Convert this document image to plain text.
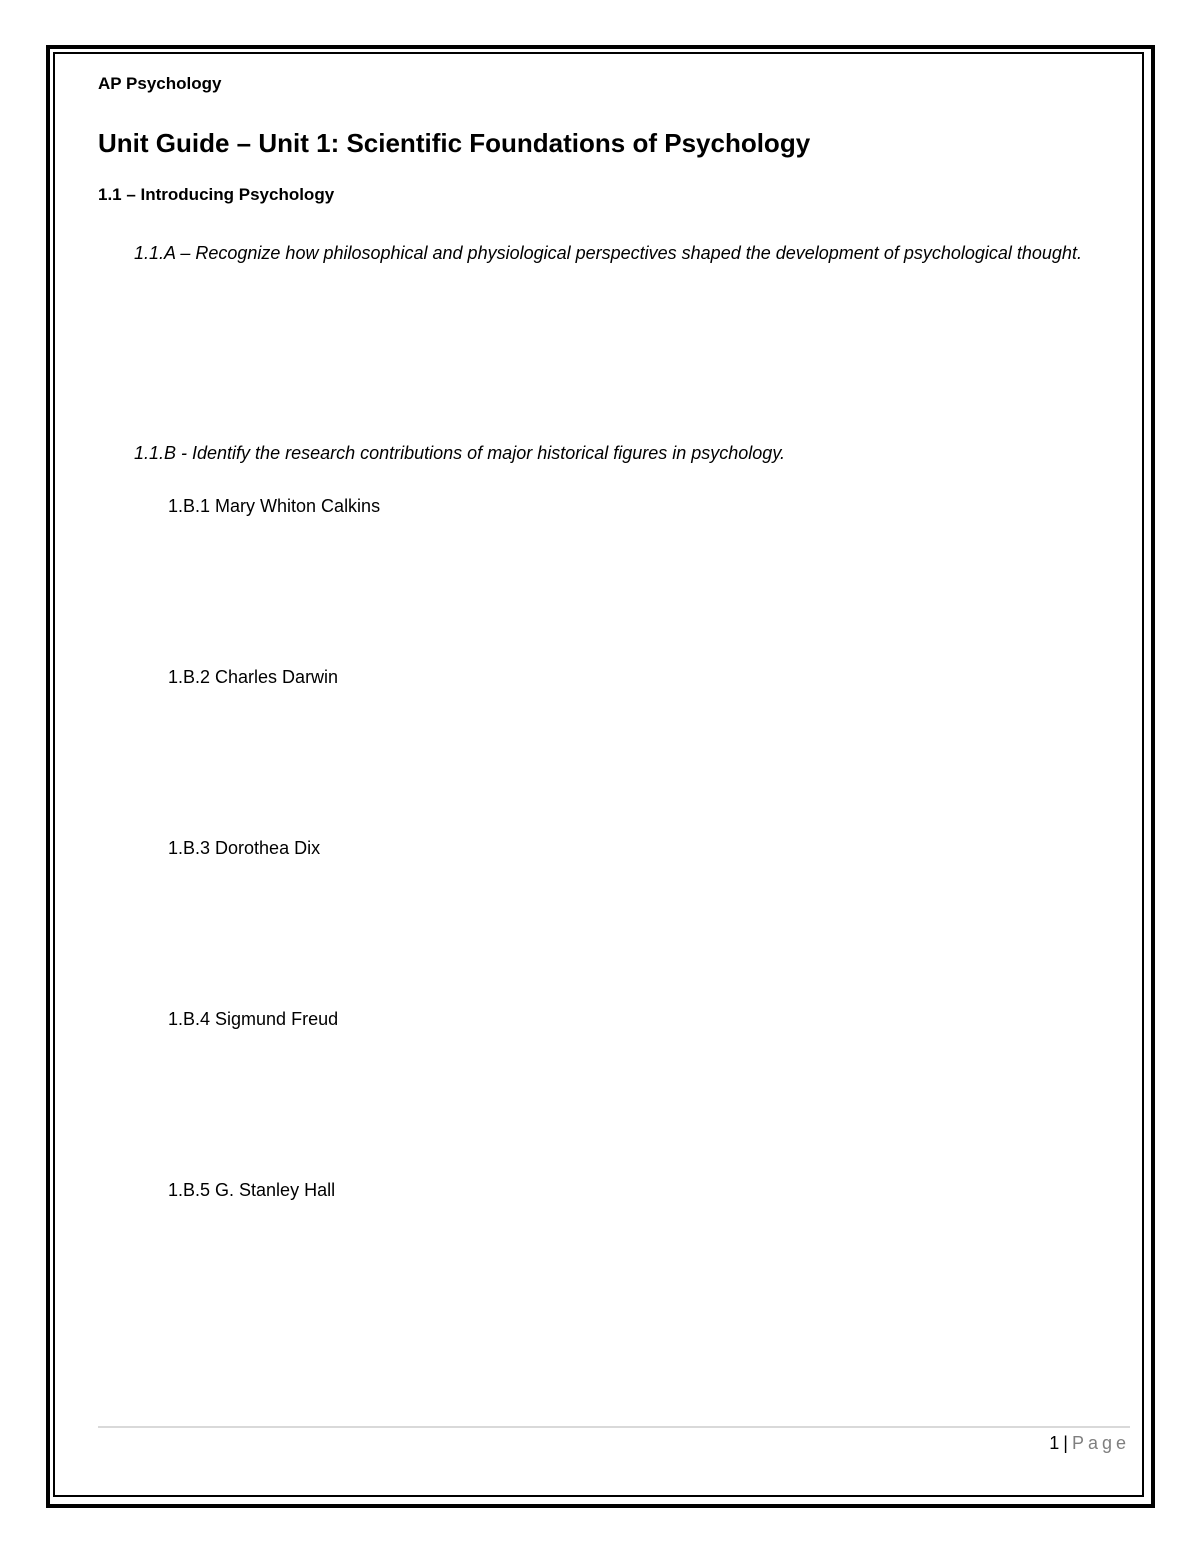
AP Psychology
Unit Guide – Unit 1: Scientific Foundations of Psychology
1.1 – Introducing Psychology
1.1.A – Recognize how philosophical and physiological perspectives shaped the development of psychological thought.
1.1.B - Identify the research contributions of major historical figures in psychology.
1.B.1 Mary Whiton Calkins
1.B.2 Charles Darwin
1.B.3 Dorothea Dix
1.B.4 Sigmund Freud
1.B.5 G. Stanley Hall
1 | Page
